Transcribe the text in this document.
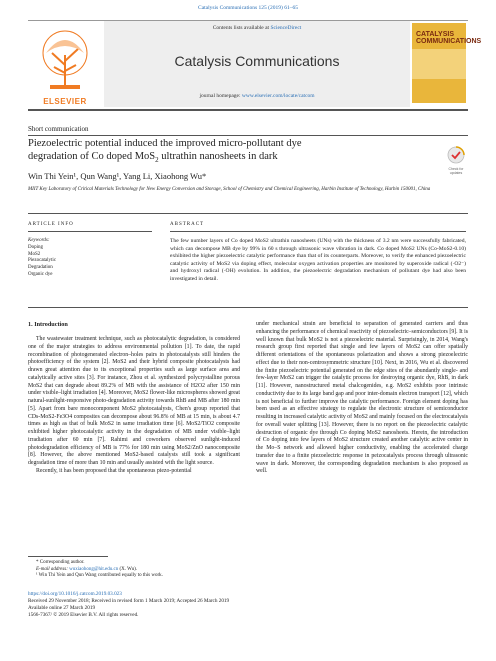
Catalysis Communications 125 (2019) 61–65
ELSEVIER
Contents lists available at ScienceDirect
Catalysis Communications
journal homepage: www.elsevier.com/locate/catcom
CATALYSIS
COMMUNICATIONS
Short communication
Piezoelectric potential induced the improved micro-pollutant dye
degradation of Co doped MoS$_2$ ultrathin nanosheets in dark
Check for updates
Win Thi Yein¹, Qun Wang¹, Yang Li, Xiaohong Wu*
MIIT Key Laboratory of Critical Materials Technology for New Energy Conversion and Storage, School of Chemistry and Chemical Engineering, Harbin Institute of Technology, Harbin 150001, China
ARTICLE INFO	ABSTRACT
Keywords:
Doping
MoS2
Piezocatalytic
Degradation
Organic dye
The few number layers of Co doped MoS2 ultrathin nanosheets (UNs) with the thickness of 3.2 nm were successfully fabricated, which can decompose MB dye by 99% in 60 s through ultrasonic wave vibration in dark. Co doped MoS2 UNs (Co-MoS2-0.10) exhibited the higher piezoelectric catalytic performance than that of its counterparts. Moreover, to verify the enhanced piezoelectric catalytic activity of MoS2 via doping effect, molecular oxygen activation properties are monitored by superoxide radical (·O2⁻) and hydroxyl radical (·OH) evolution. In addition, the piezoelectric degradation mechanism of pollutant dye had also been investigated in detail.
1. Introduction

The wastewater treatment technique, such as photocatalytic degradation, is considered one of the major strategies to address environmental pollution [1]. To date, the rapid recombination of photogenerated electron–holes pairs in photocatalysts still hinders the photoefficiency of the system [2]. MoS2 and their hybrid composite photocatalysts had drawn great attention due to its exceptional properties such as large surface area and catalytically active sites [3]. For instance, Zhou et al. synthesized polycrystalline porous MoS2 that can degrade about 89.2% of MB with the assistance of H2O2 after 150 min under visible–light irradiation [4]. Moreover, MoS2 flower-like microspheres showed great natural-sunlight-responsive photo-degradation activity towards RhB and MB after 180 min [5]. Apart from bare monocomponent MoS2 photocatalysts, Chen's group reported that CDs-MoS2-Fe3O4 composites can decompose about 96.8% of MB at 15 min, is about 4.7 times as high as that of bulk MoS2 in same irradiation time [6]. MoS2/TiO2 composite exhibited higher photocatalytic activity in the degradation of MB under visible–light irradiation after 60 min [7]. Rahimi and coworkers observed sunlight-induced photodegradation efficiency of MB is 77% for 180 min using MoS2/ZnO nanocomposite [8]. However, the above mentioned MoS2-based catalysts still took a significant degradation time of more than 10 min and usually assisted with the light source.

Recently, it has been proposed that the spontaneous piezo-potential

under mechanical strain are beneficial to separation of generated carriers and thus enhancing the performance of chemical reactivity of piezoelectric–semiconductors [9]. It is well known that bulk MoS2 is not a piezoelectric material. Surprisingly, in 2014, Wang's research group first reported that single and few layers of MoS2 can offer spatially different orientations of the spontaneous polarization and shows a strong piezoelectric effect due to their non-centrosymmetric structure [10]. Next, in 2016, Wu et al. discovered the finite piezoelectric potential generated on the edge sites of the abundantly single- and few-layer MoS2 can trigger the catalytic process for destroying organic dye, RhB, in dark [11]. However, nanostructured metal chalcogenides, e.g. MoS2 exhibits poor intrinsic conductivity due to its large band gap and poor inter-domain electron transport [12], which is not beneficial to further improve the catalytic performance. Foreign element doping has been used as an effective strategy to regulate the electronic structure of semiconductor resulting in increased catalytic activity of MoS2 and mainly focused on the electrocatalysis for overall water splitting [13]. However, there is no report on the piezoelectric catalytic destruction of organic dye through Co doping MoS2 nanosheets. Herein, the introduction of Co doping into few layers of MoS2 structure created another catalytic active center in the Mo–S network and allowed higher conductivity, enabling the accelerated charge transfer due to a finite piezoelectric response in peizocatalysis process through ultrasonic wave in dark. Moreover, the corresponding degradation mechanism is also proposed as well.

* Corresponding author.
E-mail address: wuxiaohong@hit.edu.cn (X. Wu).
¹ Win Thi Yein and Qun Wang contributed equally to this work.
https://doi.org/10.1016/j.catcom.2019.03.023
Received 29 November 2018; Received in revised form 1 March 2019; Accepted 26 March 2019
Available online 27 March 2019
1566-7367/ © 2019 Elsevier B.V. All rights reserved.
